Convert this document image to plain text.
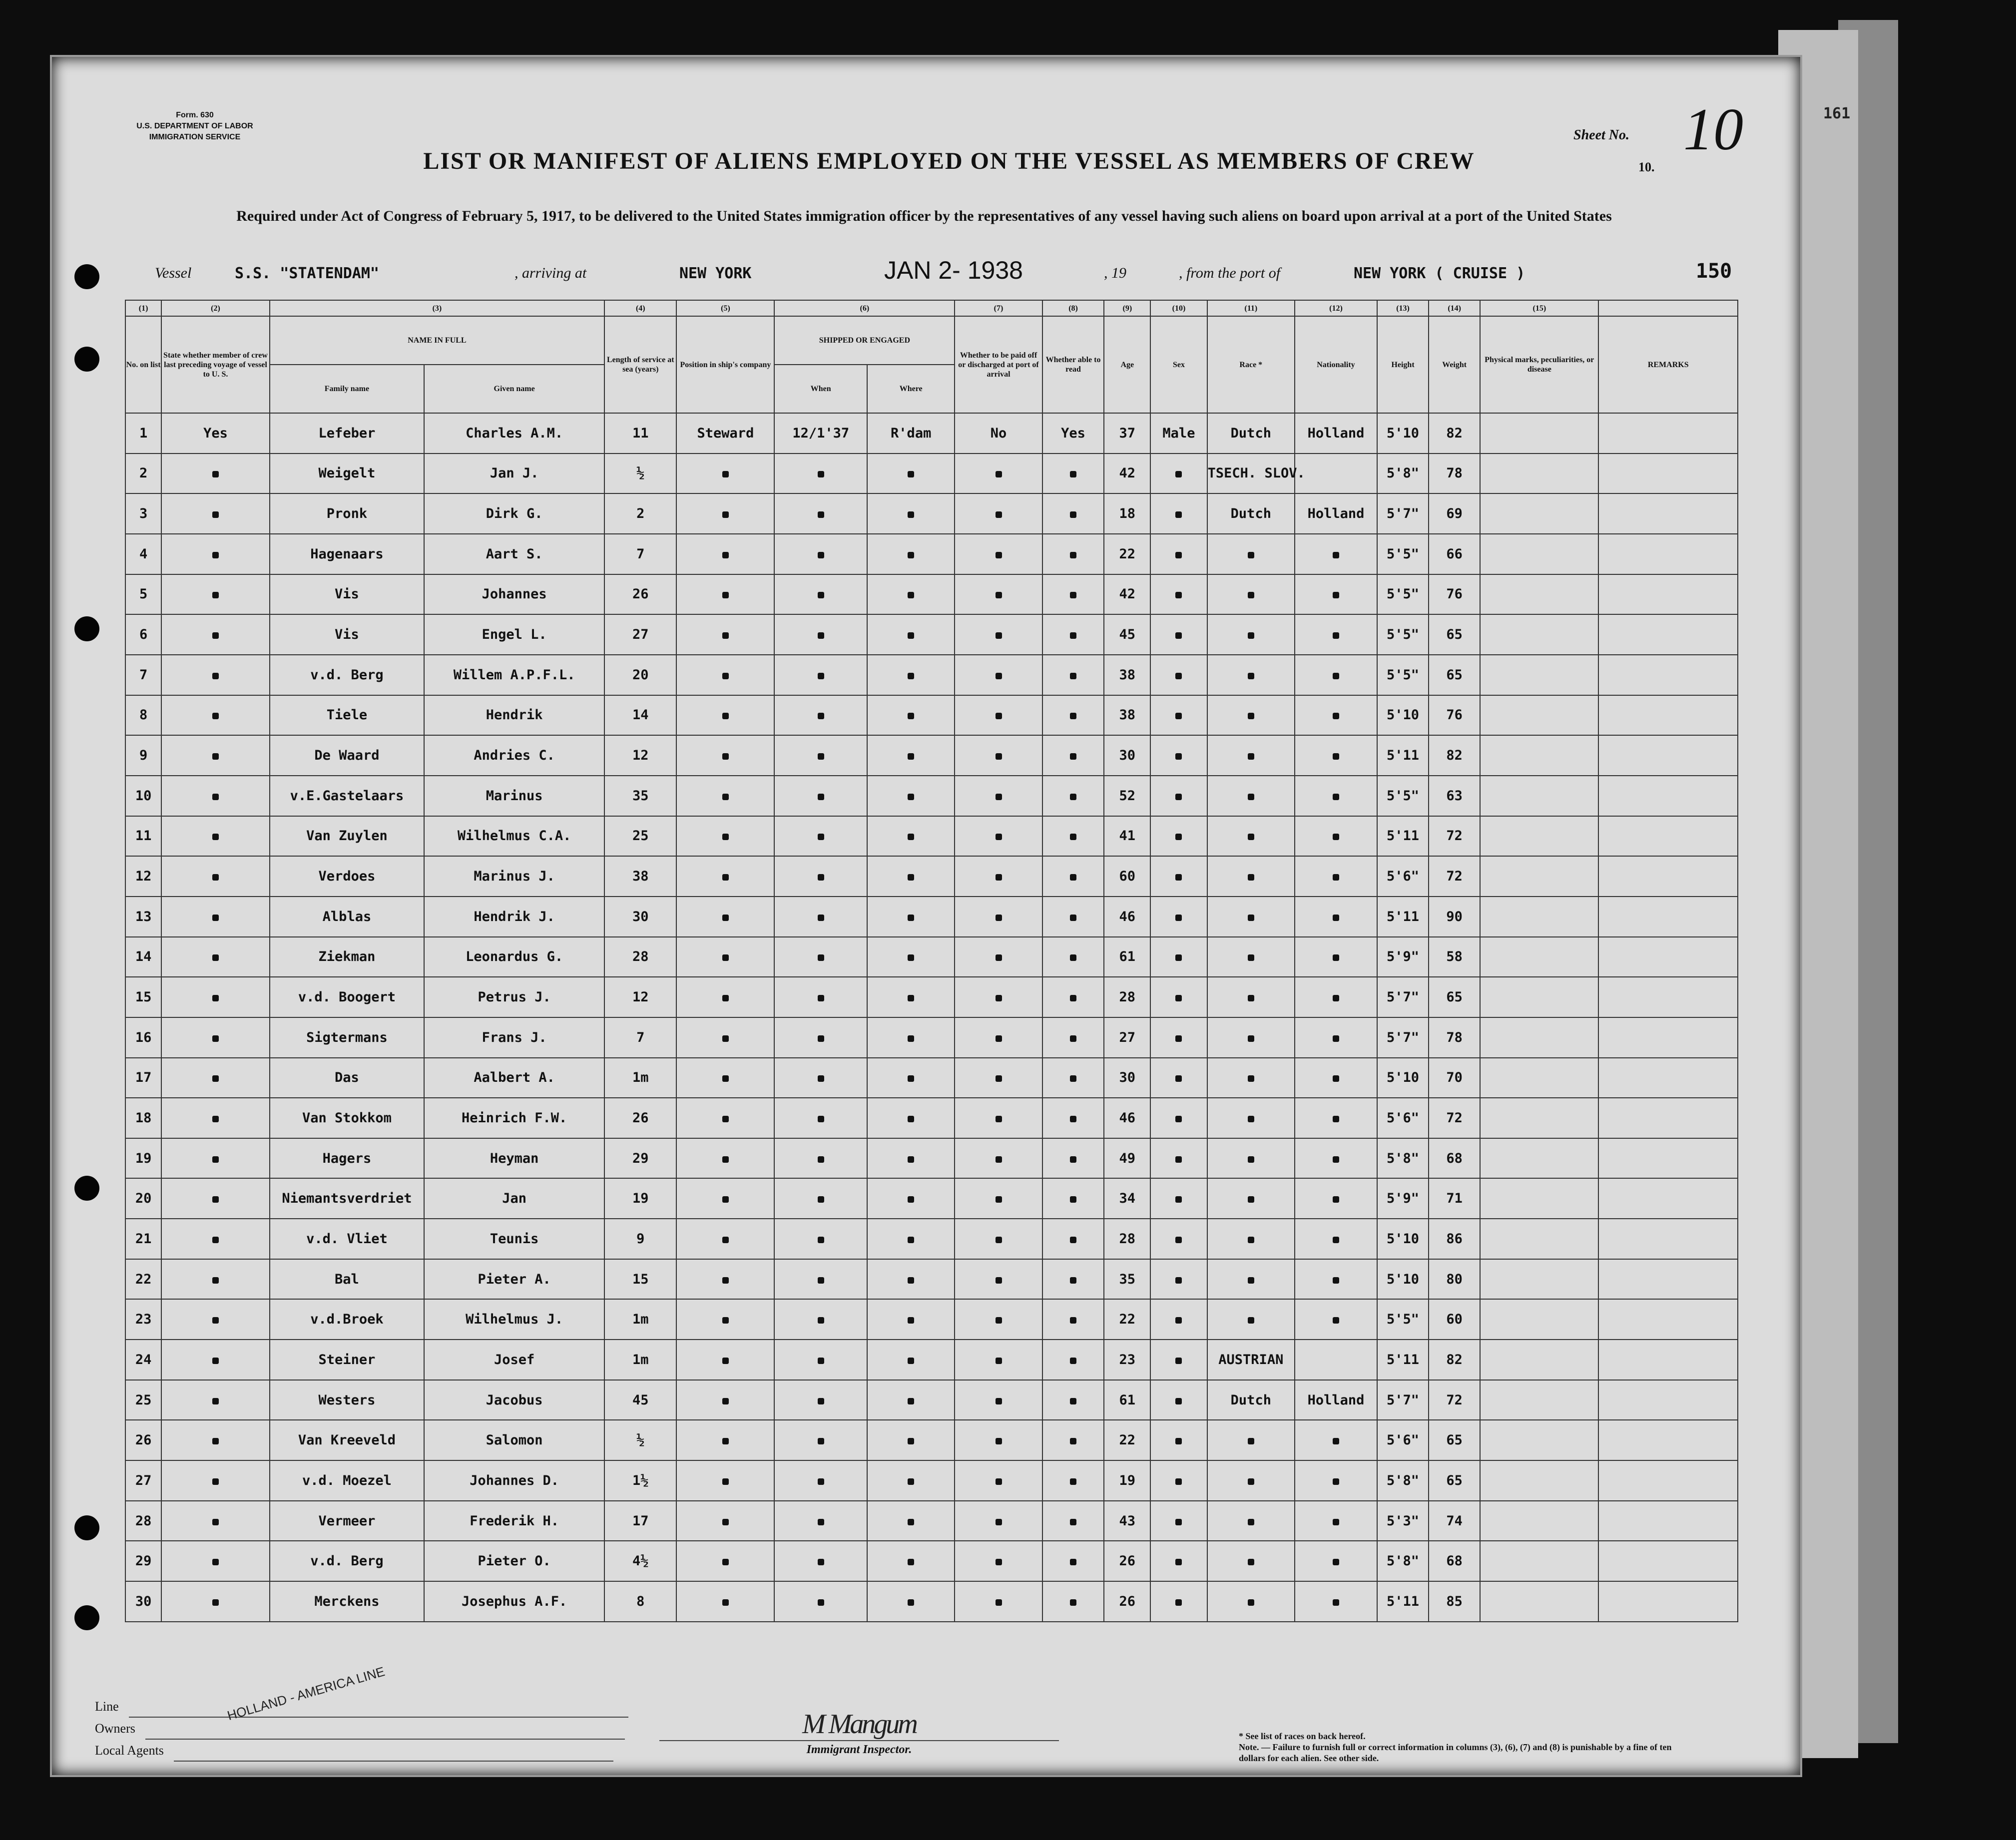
Form. 630
U.S. DEPARTMENT OF LABOR
IMMIGRATION SERVICE	Sheet No. 10
10.
161
LIST OR MANIFEST OF ALIENS EMPLOYED ON THE VESSEL AS MEMBERS OF CREW
Required under Act of Congress of February 5, 1917, to be delivered to the United States immigration officer by the representatives of any vessel having such aliens on board upon arrival at a port of the United States
Vessel	S.S. "STATENDAM"	, arriving at	NEW YORK	JAN 2- 1938	, 19	, from the port of	NEW YORK ( CRUISE )	150
(1)	(2)	(3)		(4)	(5)	(6)		(7)	(8)	(9)	(10)	(11)	(12)	(13)	(14)	(15)	
No. on list	State whether member of crew last preceding voyage of vessel to U. S.	NAME IN FULL		Length of service at sea (years)	Position in ship's company	SHIPPED OR ENGAGED		Whether to be paid off or discharged at port of arrival	Whether able to read	Age	Sex	Race *	Nationality	Height	Weight	Physical marks, peculiarities, or disease	REMARKS
		Family name	Given name			When	Where										
1	Yes	Lefeber	Charles A.M.	11	Steward	12/1'37	R'dam	No	Yes	37	Male	Dutch	Holland	5'10	82		
2		Weigelt	Jan J.	½						42		TSECH. SLOV.		5'8"	78		
3		Pronk	Dirk G.	2						18		Dutch	Holland	5'7"	69		
4		Hagenaars	Aart S.	7						22				5'5"	66		
5		Vis	Johannes	26						42				5'5"	76		
6		Vis	Engel L.	27						45				5'5"	65		
7		v.d. Berg	Willem A.P.F.L.	20						38				5'5"	65		
8		Tiele	Hendrik	14						38				5'10	76		
9		De Waard	Andries C.	12						30				5'11	82		
10		v.E.Gastelaars	Marinus	35						52				5'5"	63		
11		Van Zuylen	Wilhelmus C.A.	25						41				5'11	72		
12		Verdoes	Marinus J.	38						60				5'6"	72		
13		Alblas	Hendrik J.	30						46				5'11	90		
14		Ziekman	Leonardus G.	28						61				5'9"	58		
15		v.d. Boogert	Petrus J.	12						28				5'7"	65		
16		Sigtermans	Frans J.	7						27				5'7"	78		
17		Das	Aalbert A.	1m						30				5'10	70		
18		Van Stokkom	Heinrich F.W.	26						46				5'6"	72		
19		Hagers	Heyman	29						49				5'8"	68		
20		Niemantsverdriet	Jan	19						34				5'9"	71		
21		v.d. Vliet	Teunis	9						28				5'10	86		
22		Bal	Pieter A.	15						35				5'10	80		
23		v.d.Broek	Wilhelmus J.	1m						22				5'5"	60		
24		Steiner	Josef	1m						23		AUSTRIAN		5'11	82		
25		Westers	Jacobus	45						61		Dutch	Holland	5'7"	72		
26		Van Kreeveld	Salomon	½						22				5'6"	65		
27		v.d. Moezel	Johannes D.	1½						19				5'8"	65		
28		Vermeer	Frederik H.	17						43				5'3"	74		
29		v.d. Berg	Pieter O.	4½						26				5'8"	68		
30		Merckens	Josephus A.F.	8						26				5'11	85		
Line
Owners
Local Agents
HOLLAND - AMERICA LINE
M Mangum
Immigrant Inspector.
* See list of races on back hereof.
Note. — Failure to furnish full or correct information in columns (3), (6), (7) and (8) is punishable by a fine of ten dollars for each alien. See other side.
